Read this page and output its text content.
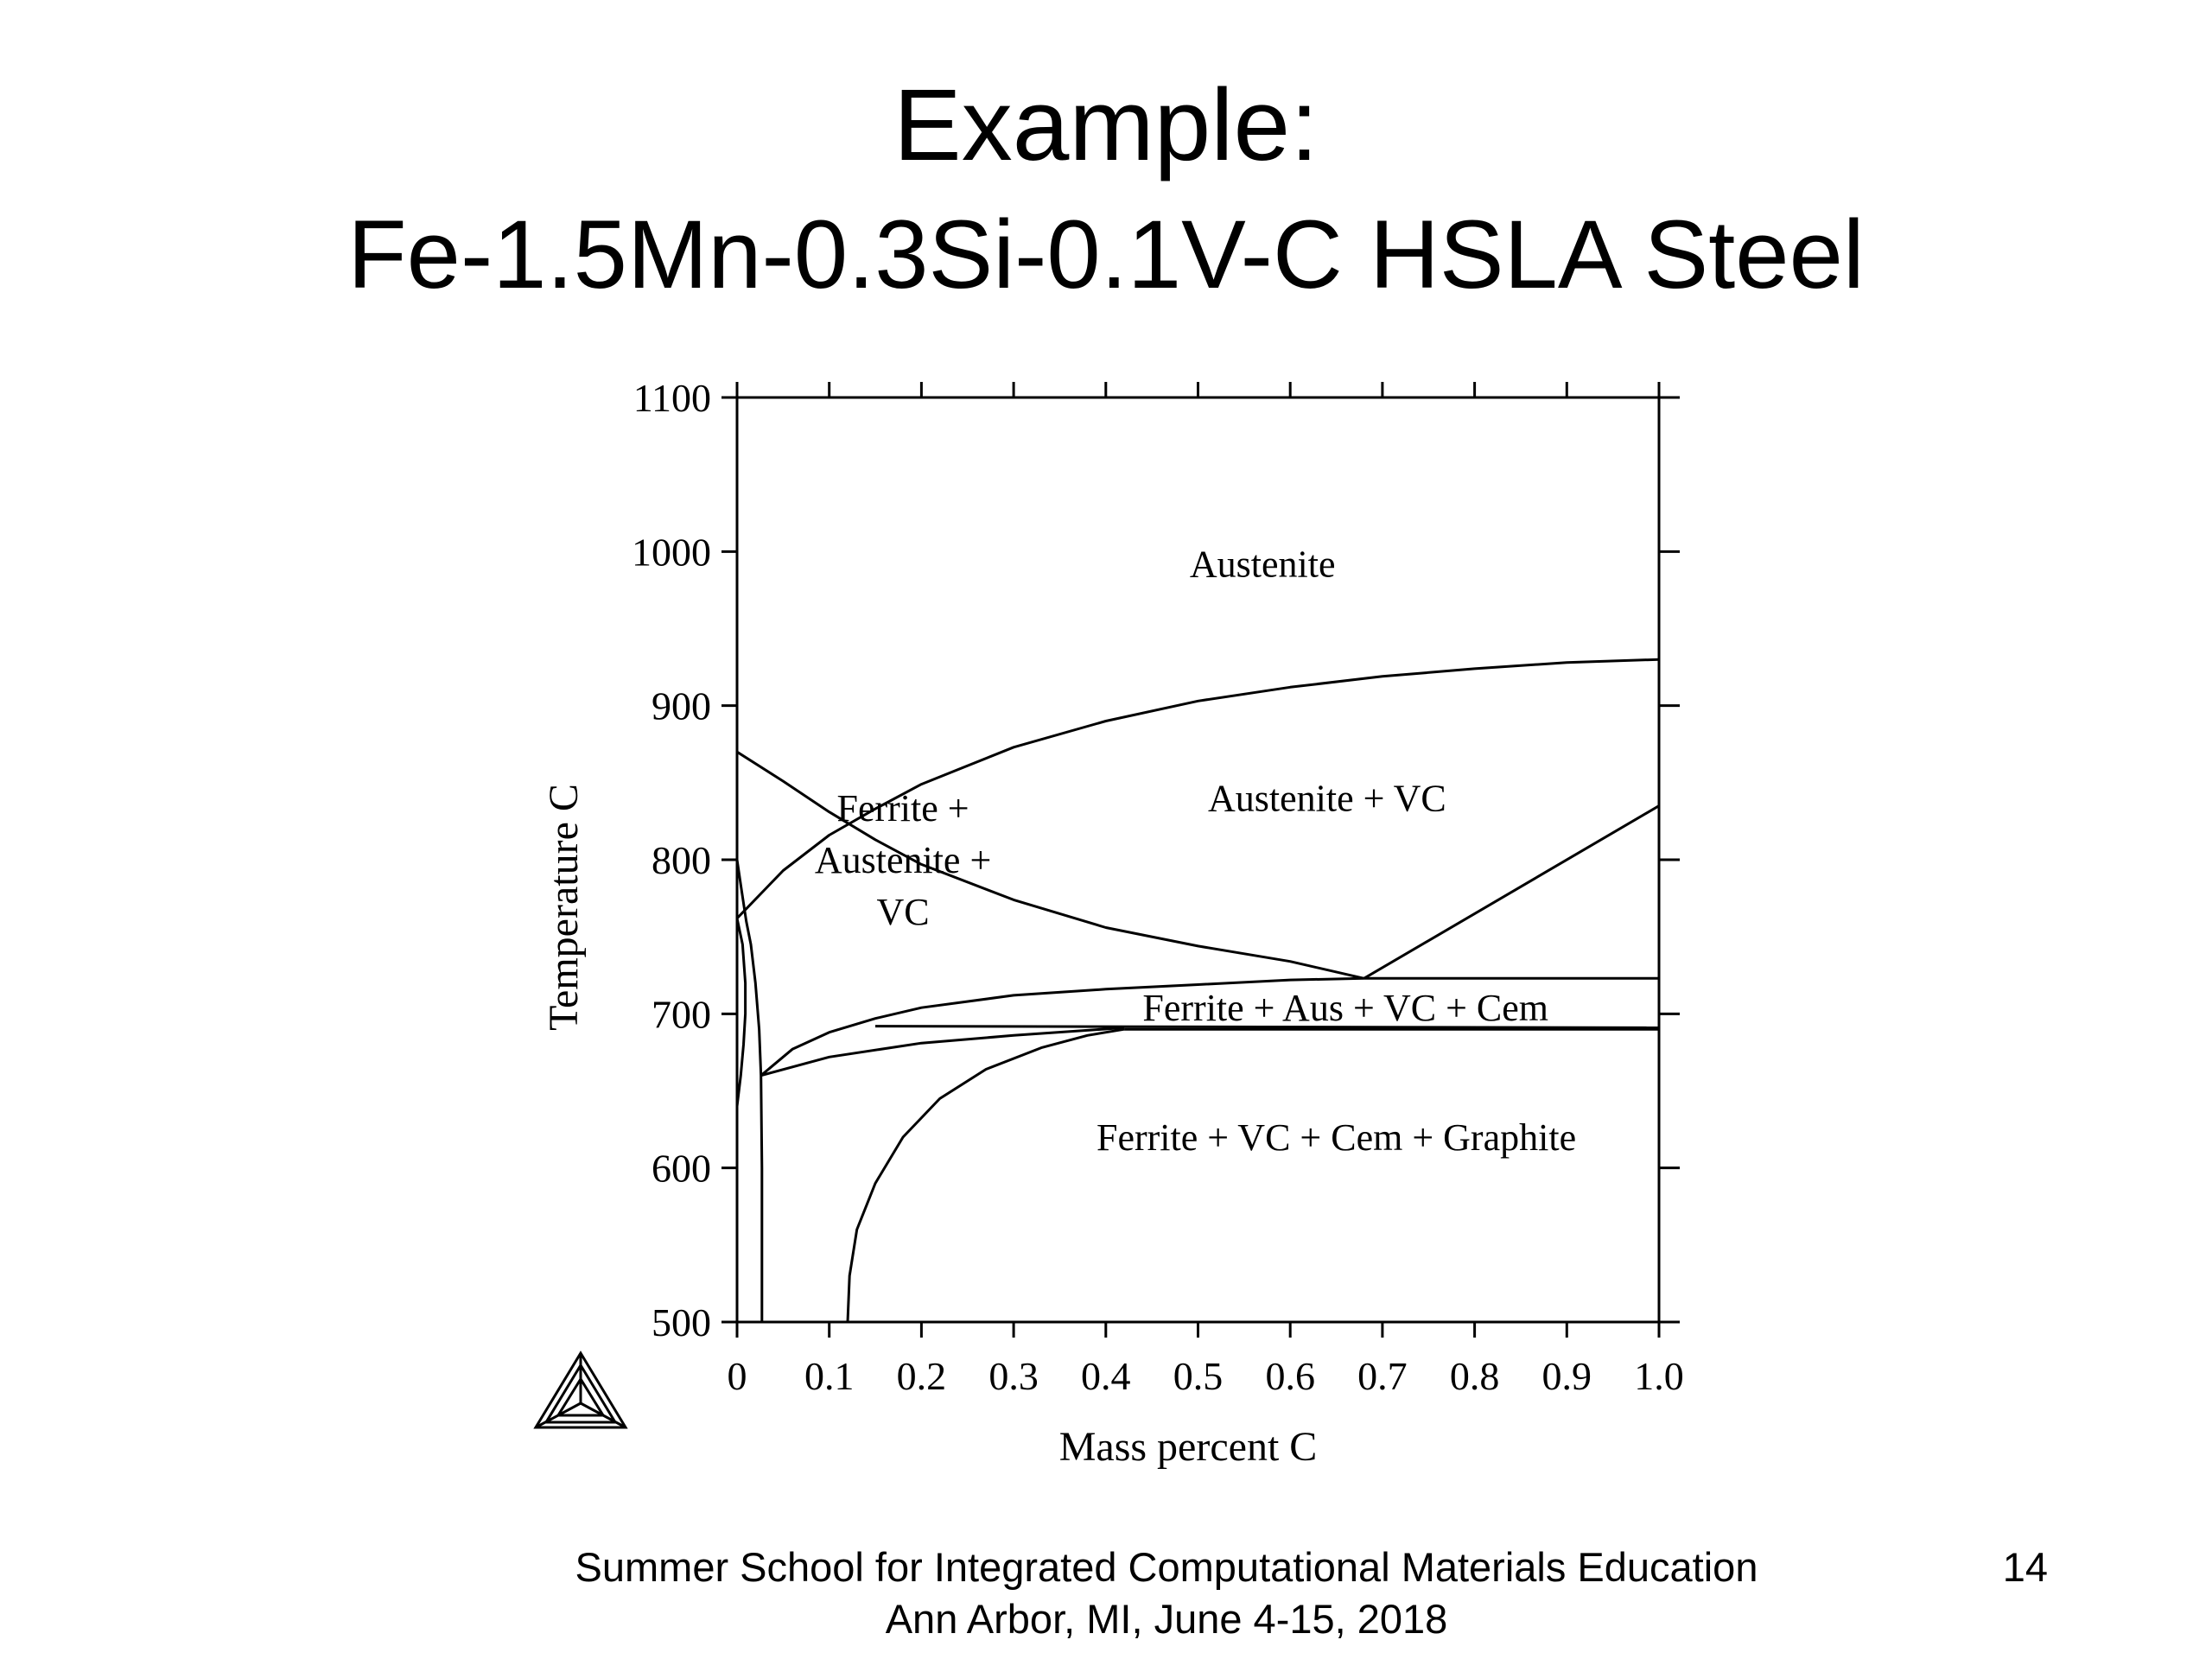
Example:
Fe-1.5Mn-0.3Si-0.1V-C HSLA Steel
0 0.1 0.2 0.3 0.4 0.5 0.6 0.7 0.8 0.9 1.0
500
600
700
800
900
1000
1100
Austenite
Austenite + VC
Ferrite + Austenite + VC
Ferrite + Aus + VC + Cem
Ferrite + VC + Cem + Graphite
Mass percent C
Temperature C
Summer School for Integrated Computational Materials Education
Ann Arbor, MI, June 4-15, 2018
14
